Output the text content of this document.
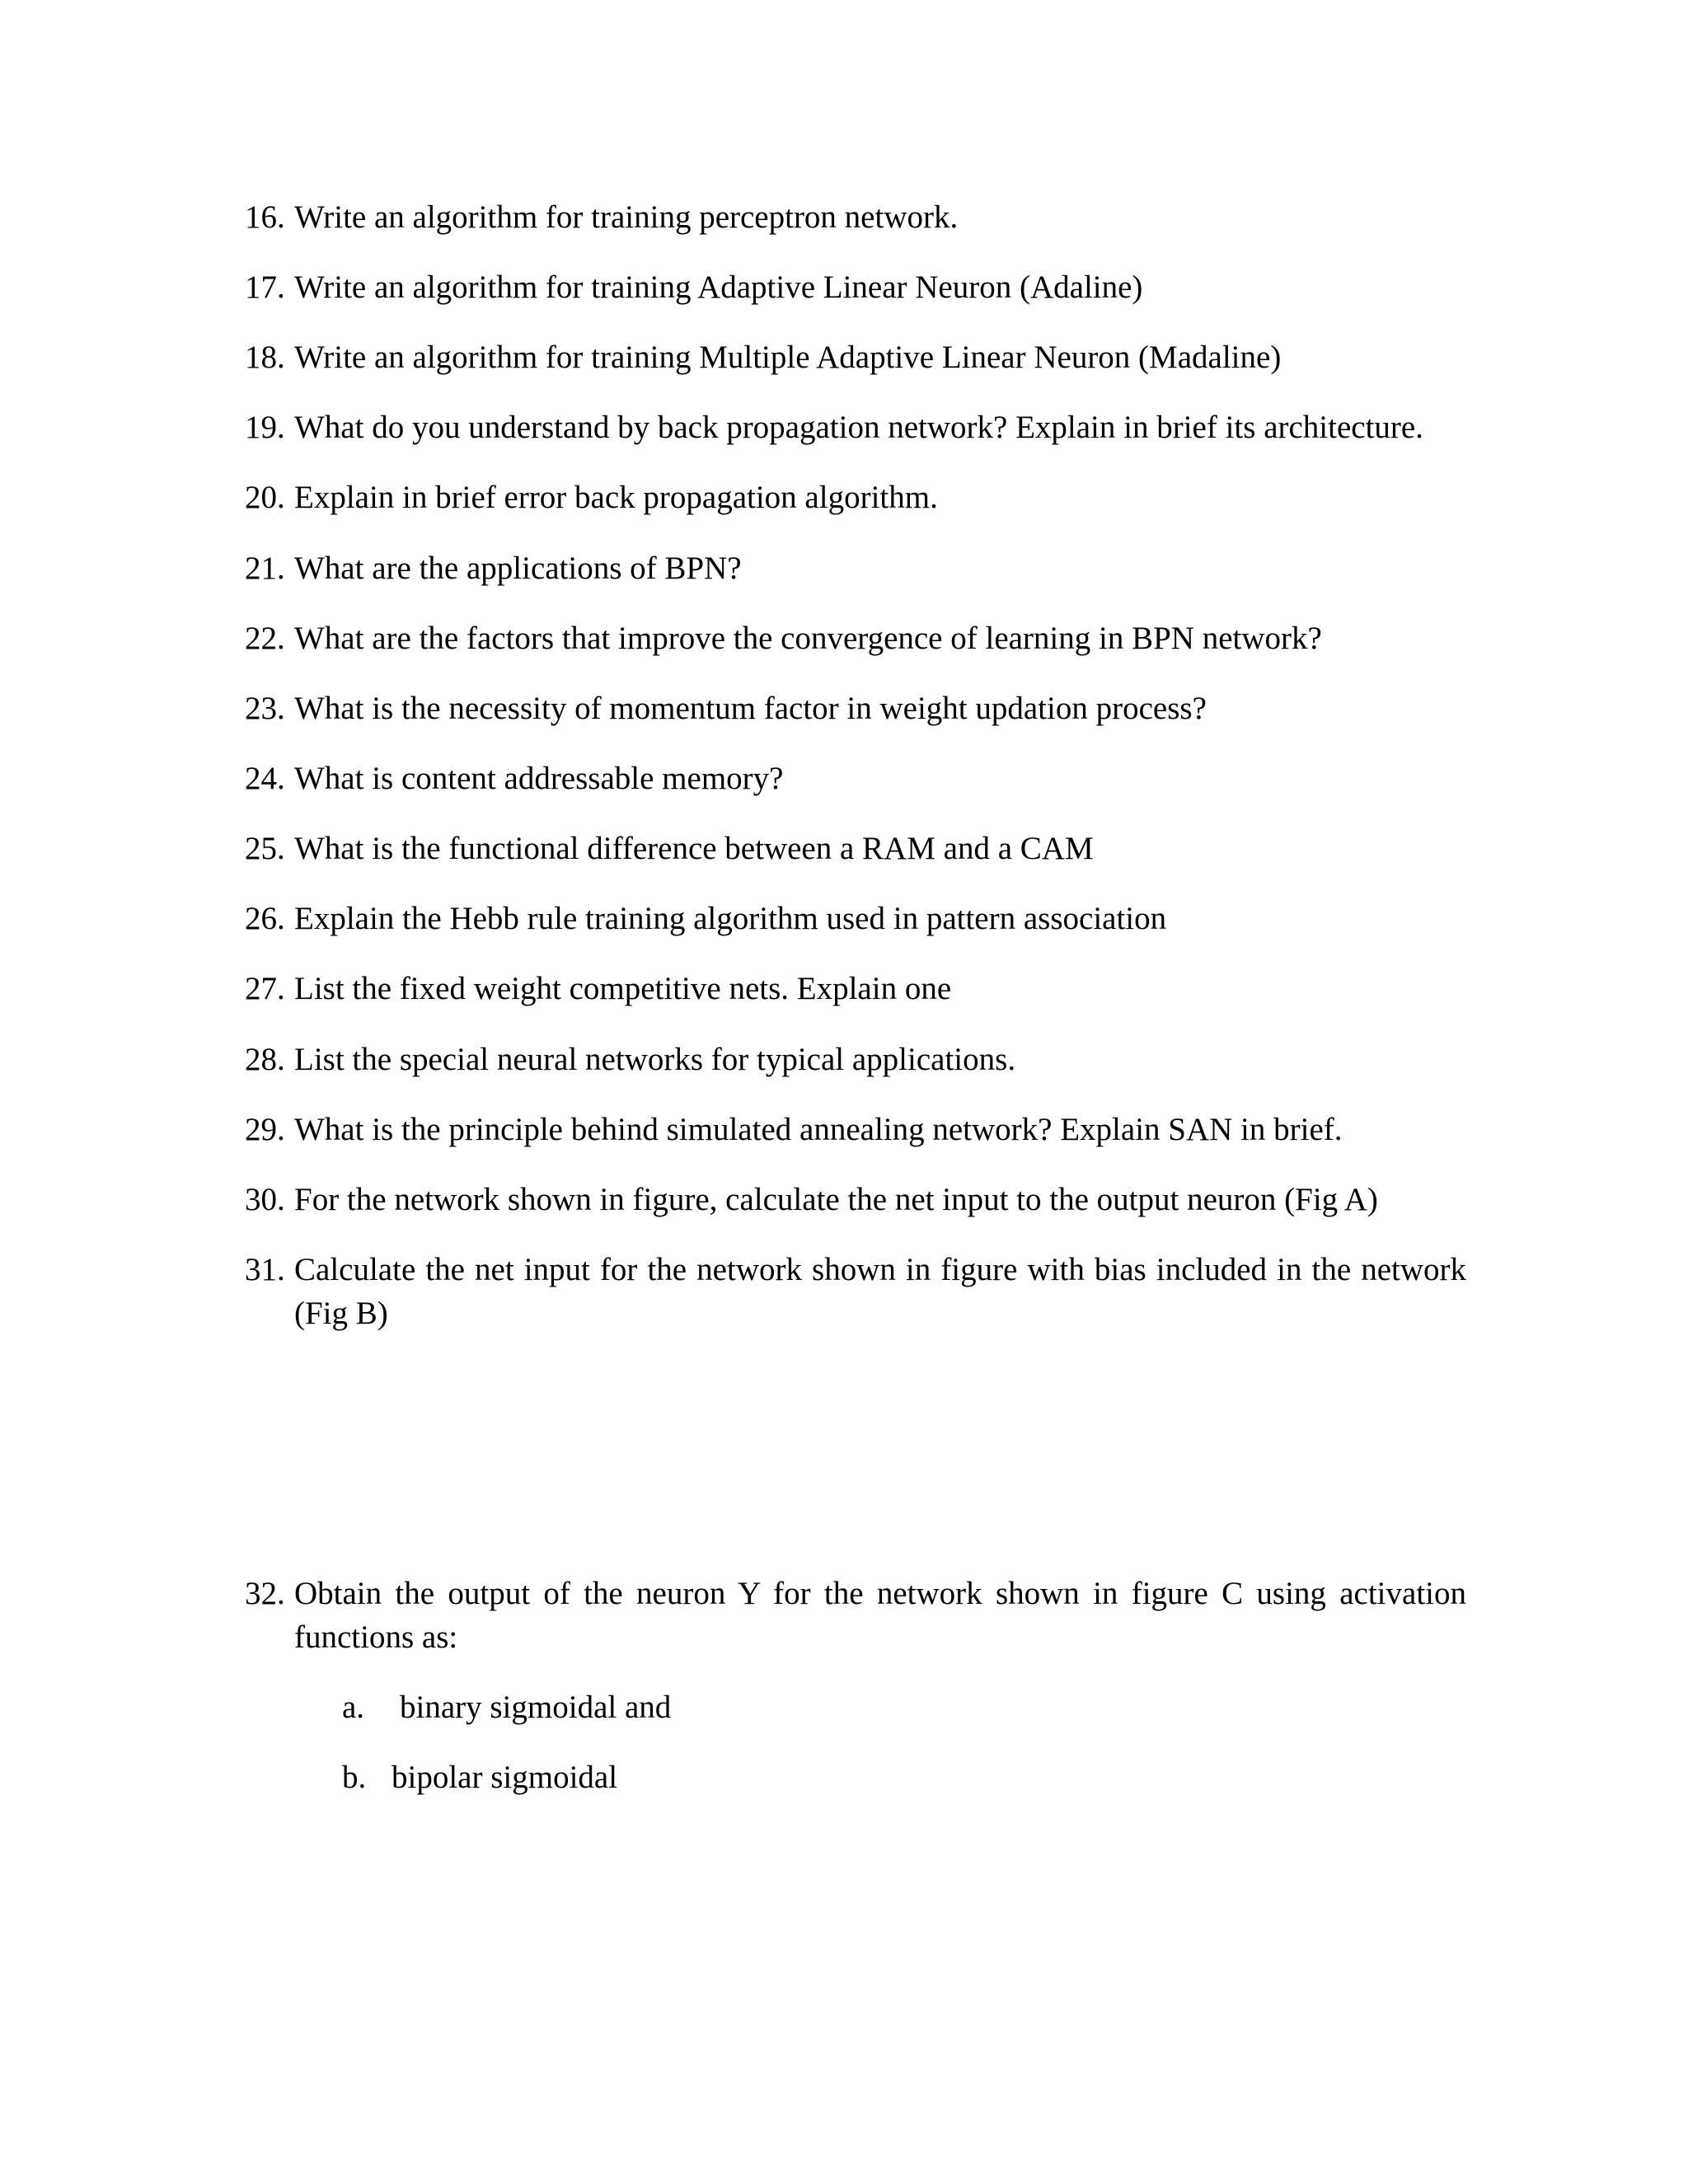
16. Write an algorithm for training perceptron network.
17. Write an algorithm for training Adaptive Linear Neuron (Adaline)
18. Write an algorithm for training Multiple Adaptive Linear Neuron (Madaline)
19. What do you understand by back propagation network? Explain in brief its architecture.
20. Explain in brief error back propagation algorithm.
21. What are the applications of BPN?
22. What are the factors that improve the convergence of learning in BPN network?
23. What is the necessity of momentum factor in weight updation process?
24. What is content addressable memory?
25. What is the functional difference between a RAM and a CAM
26. Explain the Hebb rule training algorithm used in pattern association
27. List the fixed weight competitive nets. Explain one
28. List the special neural networks for typical applications.
29. What is the principle behind simulated annealing network? Explain SAN in brief.
30. For the network shown in figure, calculate the net input to the output neuron (Fig A)
31. Calculate the net input for the network shown in figure with bias included in the network (Fig B)
32. Obtain the output of the neuron Y for the network shown in figure C using activation functions as:
a. binary sigmoidal and
b. bipolar sigmoidal
